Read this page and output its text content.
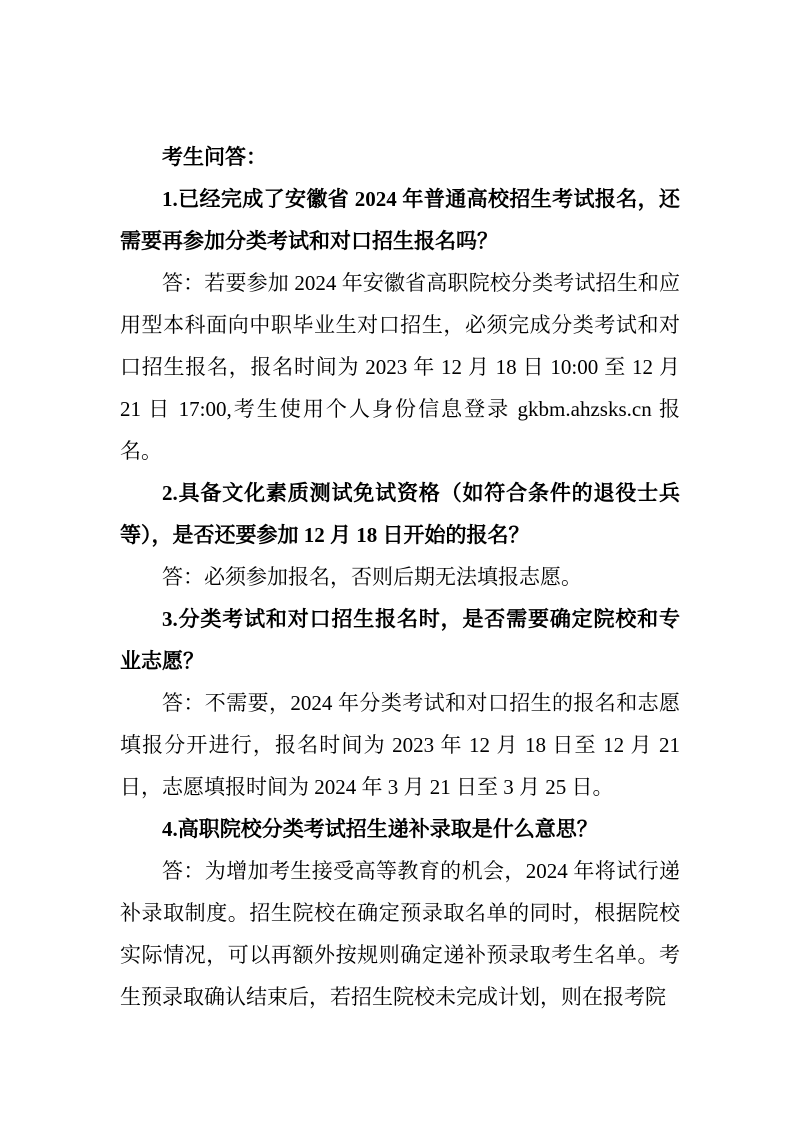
考生问答：

1.已经完成了安徽省 2024 年普通高校招生考试报名，还需要再参加分类考试和对口招生报名吗？

答：若要参加 2024 年安徽省高职院校分类考试招生和应用型本科面向中职毕业生对口招生，必须完成分类考试和对口招生报名，报名时间为 2023 年 12 月 18 日 10:00 至 12 月 21 日 17:00,考生使用个人身份信息登录 gkbm.ahzsks.cn 报名。

2.具备文化素质测试免试资格（如符合条件的退役士兵等），是否还要参加 12 月 18 日开始的报名？

答：必须参加报名，否则后期无法填报志愿。

3.分类考试和对口招生报名时，是否需要确定院校和专业志愿？

答：不需要，2024 年分类考试和对口招生的报名和志愿填报分开进行，报名时间为 2023 年 12 月 18 日至 12 月 21 日，志愿填报时间为 2024 年 3 月 21 日至 3 月 25 日。

4.高职院校分类考试招生递补录取是什么意思？

答：为增加考生接受高等教育的机会，2024 年将试行递补录取制度。招生院校在确定预录取名单的同时，根据院校实际情况，可以再额外按规则确定递补预录取考生名单。考生预录取确认结束后，若招生院校未完成计划，则在报考院
